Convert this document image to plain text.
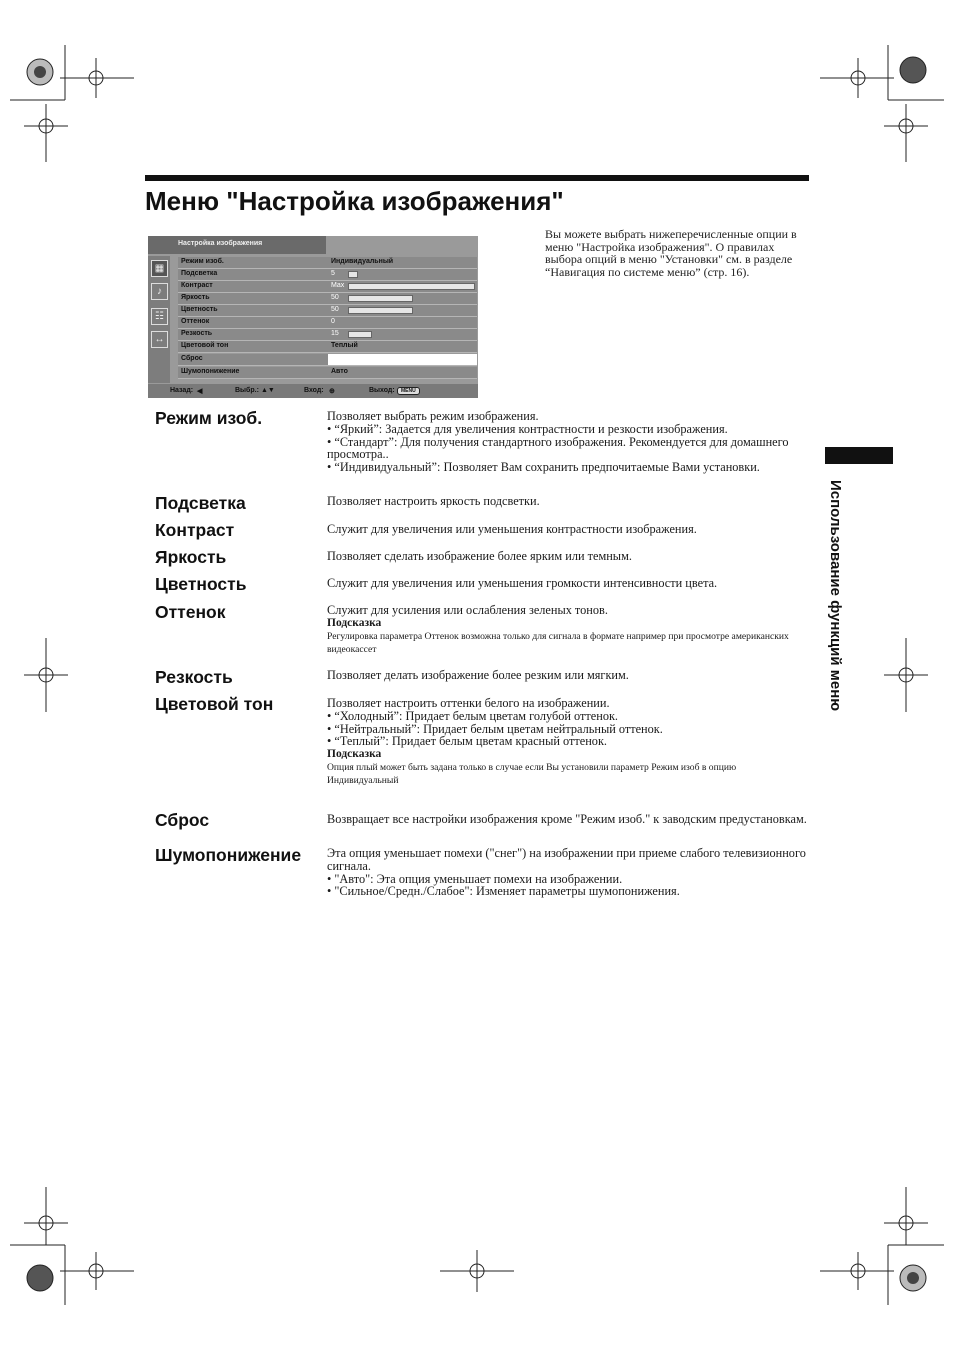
Меню "Настройка изображения"
Настройка изображения
▦
♪
☷
↔
Режим изоб.	Индивидуальный
Подсветка	5
Контраст	Max
Яркость	50
Цветность	50
Оттенок	0
Резкость	15
Цветовой тон	Теплый
Сброс
Шумопонижение	Авто
Назад: ◀	Выбр.: ▲▼	Вход: ⊕	Выход:	MENU
Вы можете выбрать нижеперечисленные опции в меню "Настройка изображения". О правилах выбора опций в меню "Установки" см. в разделе “Навигация по системе меню” (стр. 16).
Использование функций меню
Режим изоб.	Позволяет выбрать режим изображения.

• “Яркий”: Задается для увеличения контрастности и резкости изображения.

• “Стандарт”: Для получения стандартного изображения. Рекомендуется для домашнего просмотра..

• “Индивидуальный”: Позволяет Вам сохранить предпочитаемые Вами установки.

Подсветка	Позволяет настроить яркость подсветки.
Контраст	Служит для увеличения или уменьшения контрастности изображения.
Яркость	Позволяет сделать изображение более ярким или темным.
Цветность	Служит для увеличения или уменьшения громкости интенсивности цвета.
Оттенок	Служит для усиления или ослабления зеленых тонов.

Подсказка

Регулировка параметра Оттенок возможна только для сигнала в формате например при просмотре американских видеокассет

Резкость	Позволяет делать изображение более резким или мягким.
Цветовой тон	Позволяет настроить оттенки белого на изображении.

• “Холодный”: Придает белым цветам голубой оттенок.

• “Нейтральный”: Придает белым цветам нейтральный оттенок.

• “Теплый”: Придает белым цветам красный оттенок.

Подсказка

Опция плый может быть задана только в случае если Вы установили параметр Режим изоб в опцию Индивидуальный

Сброс	Возвращает все настройки изображения кроме "Режим изоб." к заводским предустановкам.
Шумопонижение Эта опция уменьшает помехи ("снег") на изображении при приеме слабого телевизионного сигнала.

• "Авто": Эта опция уменьшает помехи на изображении.

• "Сильное/Средн./Слабое": Изменяет параметры шумопонижения.
